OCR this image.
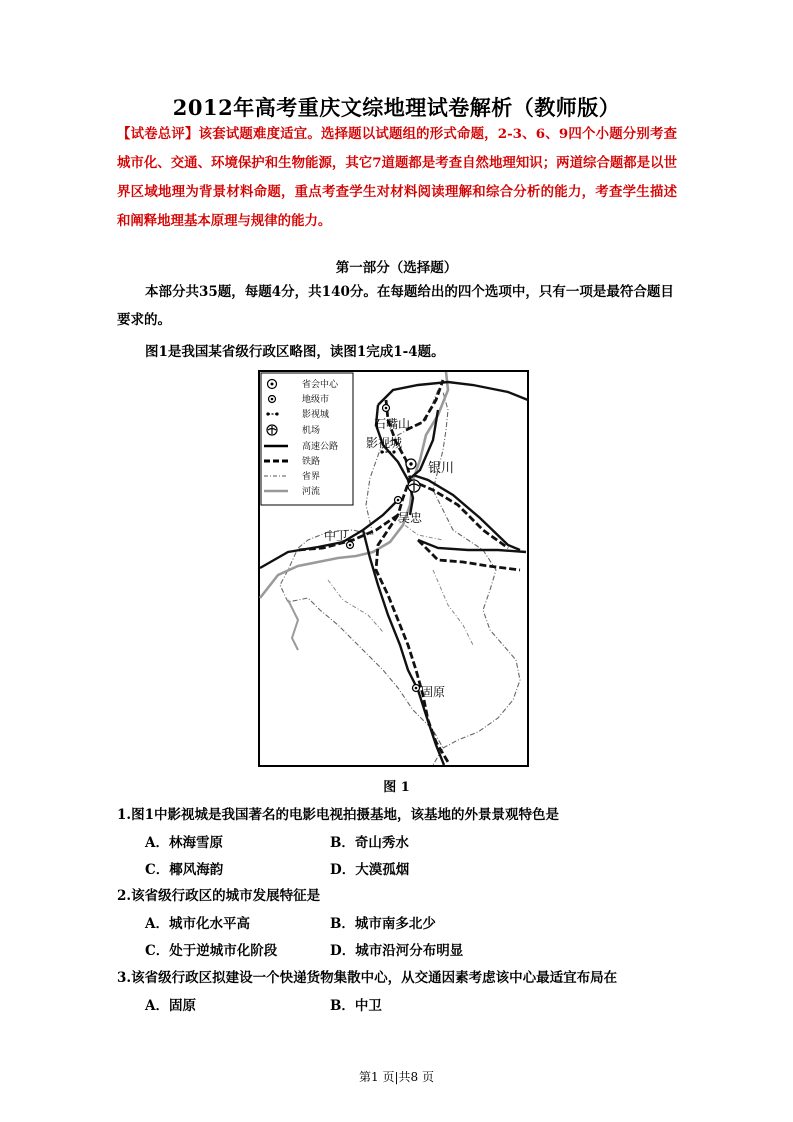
2012年高考重庆文综地理试卷解析（教师版）
【试卷总评】该套试题难度适宜。选择题以试题组的形式命题，2-3、6、9四个小题分别考查城市化、交通、环境保护和生物能源，其它7道题都是考查自然地理知识；两道综合题都是以世界区域地理为背景材料命题，重点考查学生对材料阅读理解和综合分析的能力，考查学生描述和阐释地理基本原理与规律的能力。
第一部分（选择题）
本部分共35题，每题4分，共140分。在每题给出的四个选项中，只有一项是最符合题目要求的。
图1是我国某省级行政区略图，读图1完成1-4题。
省会中心
地级市
影视城
机场
高速公路
铁路
省界
河流
石嘴山
影视城
银川
吴忠
中卫
固原
图 1
1.图1中影视城是我国著名的电影电视拍摄基地，该基地的外景景观特色是
A．林海雪原	B．奇山秀水
C．椰风海韵	D．大漠孤烟
2.该省级行政区的城市发展特征是
A．城市化水平高	B．城市南多北少
C．处于逆城市化阶段	D．城市沿河分布明显
3.该省级行政区拟建设一个快递货物集散中心，从交通因素考虑该中心最适宜布局在
A．固原	B．中卫
第1 页|共8 页
